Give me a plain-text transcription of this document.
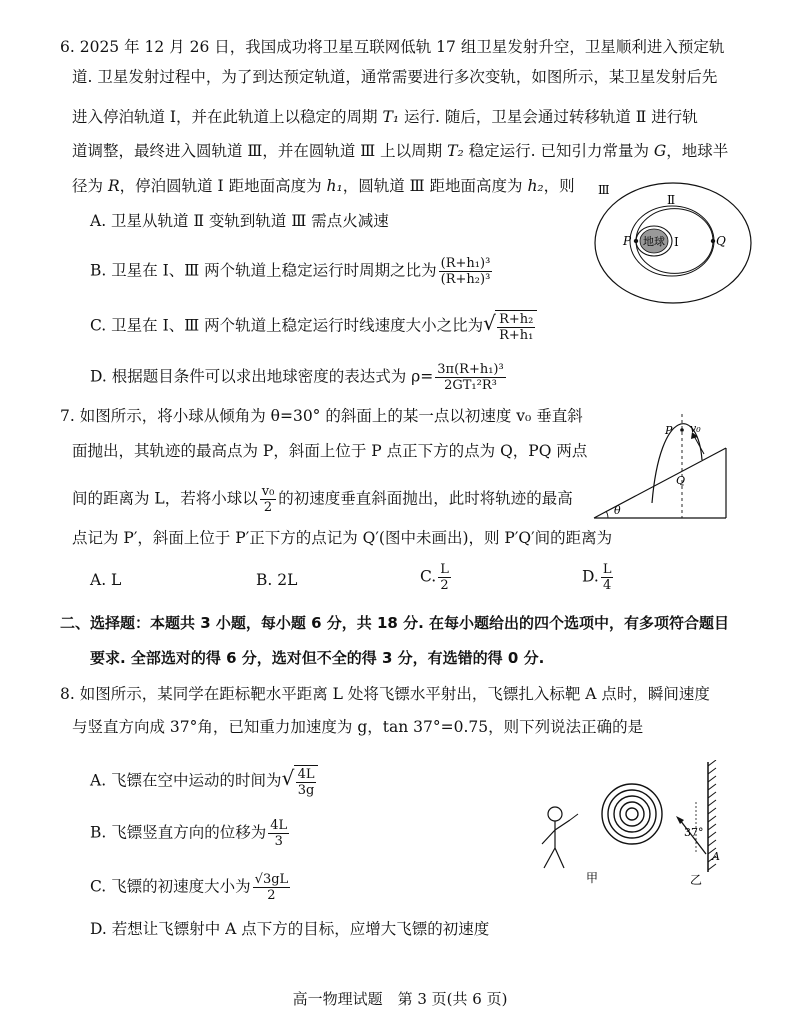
6. 2025 年 12 月 26 日，我国成功将卫星互联网低轨 17 组卫星发射升空，卫星顺利进入预定轨
道. 卫星发射过程中，为了到达预定轨道，通常需要进行多次变轨，如图所示，某卫星发射后先
进入停泊轨道 Ⅰ，并在此轨道上以稳定的周期 T₁ 运行. 随后，卫星会通过转移轨道 Ⅱ 进行轨
道调整，最终进入圆轨道 Ⅲ，并在圆轨道 Ⅲ 上以周期 T₂ 稳定运行. 已知引力常量为 G，地球半
径为 R，停泊圆轨道 Ⅰ 距地面高度为 h₁，圆轨道 Ⅲ 距地面高度为 h₂，则
A. 卫星从轨道 Ⅱ 变轨到轨道 Ⅲ 需点火减速
B. 卫星在 Ⅰ、Ⅲ 两个轨道上稳定运行时周期之比为 $\frac{\text{(R+h₁)³}}{\text{(R+h₂)³}}$
C. 卫星在 Ⅰ、Ⅲ 两个轨道上稳定运行时线速度大小之比为 √ $\frac{\text{R+h₂}}{\text{R+h₁}}$
D. 根据题目条件可以求出地球密度的表达式为 $\rho= \frac{\text{3π(R+h₁)³}}{\text{2GT₁²R³}}$
地球 Ⅰ
Ⅱ
Ⅲ
P	Q
7. 如图所示，将小球从倾角为 θ=30° 的斜面上的某一点以初速度 v₀ 垂直斜
面抛出，其轨迹的最高点为 P，斜面上位于 P 点正下方的点为 Q，PQ 两点
间的距离为 L，若将小球以 $\frac{\text{v₀}}{2}$ 的初速度垂直斜面抛出，此时将轨迹的最高
点记为 P′，斜面上位于 P′正下方的点记为 Q′(图中未画出)，则 P′Q′间的距离为
A. L	B. 2L	C. $\frac{L}{2}$	D. $\frac{L}{4}$
P
Q
v₀
θ
二、选择题：本题共 3 小题，每小题 6 分，共 18 分. 在每小题给出的四个选项中，有多项符合题目
要求. 全部选对的得 6 分，选对但不全的得 3 分，有选错的得 0 分.
8. 如图所示，某同学在距标靶水平距离 L 处将飞镖水平射出，飞镖扎入标靶 A 点时，瞬间速度
与竖直方向成 37°角，已知重力加速度为 g，tan 37°=0.75，则下列说法正确的是
A. 飞镖在空中运动的时间为 √ $\frac{4L}{3g}$
B. 飞镖竖直方向的位移为 $\frac{4L}{3}$
C. 飞镖的初速度大小为 $\frac{√3gL}{2}$
D. 若想让飞镖射中 A 点下方的目标，应增大飞镖的初速度
37°
A
甲	乙
高一物理试题　第 3 页(共 6 页)
